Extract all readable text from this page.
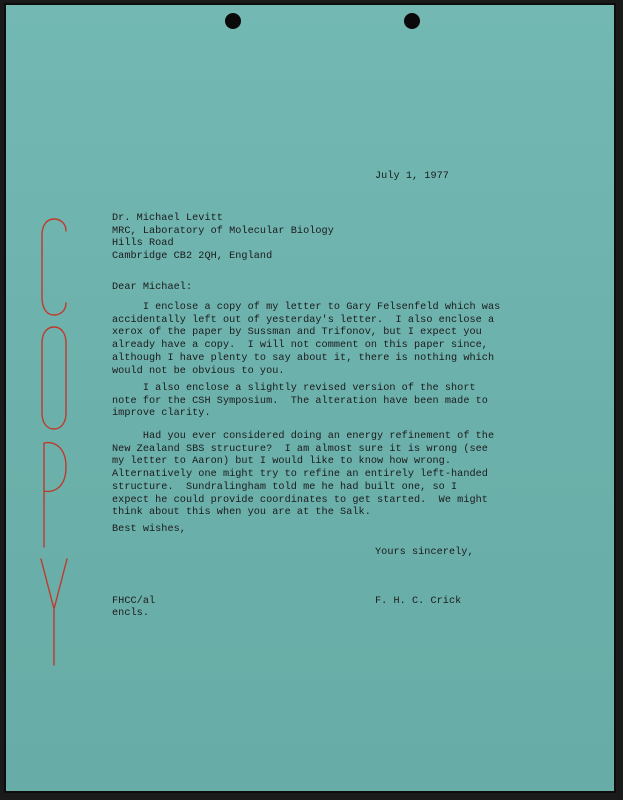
July 1, 1977
Dr. Michael Levitt
MRC, Laboratory of Molecular Biology
Hills Road
Cambridge CB2 2QH, England
Dear Michael:
I enclose a copy of my letter to Gary Felsenfeld which was
accidentally left out of yesterday's letter.  I also enclose a
xerox of the paper by Sussman and Trifonov, but I expect you
already have a copy.  I will not comment on this paper since,
although I have plenty to say about it, there is nothing which
would not be obvious to you.
I also enclose a slightly revised version of the short
note for the CSH Symposium.  The alteration have been made to
improve clarity.
Had you ever considered doing an energy refinement of the
New Zealand SBS structure?  I am almost sure it is wrong (see
my letter to Aaron) but I would like to know how wrong.
Alternatively one might try to refine an entirely left-handed
structure.  Sundralingham told me he had built one, so I
expect he could provide coordinates to get started.  We might
think about this when you are at the Salk.
Best wishes,
Yours sincerely,
FHCC/al
encls.
F. H. C. Crick
